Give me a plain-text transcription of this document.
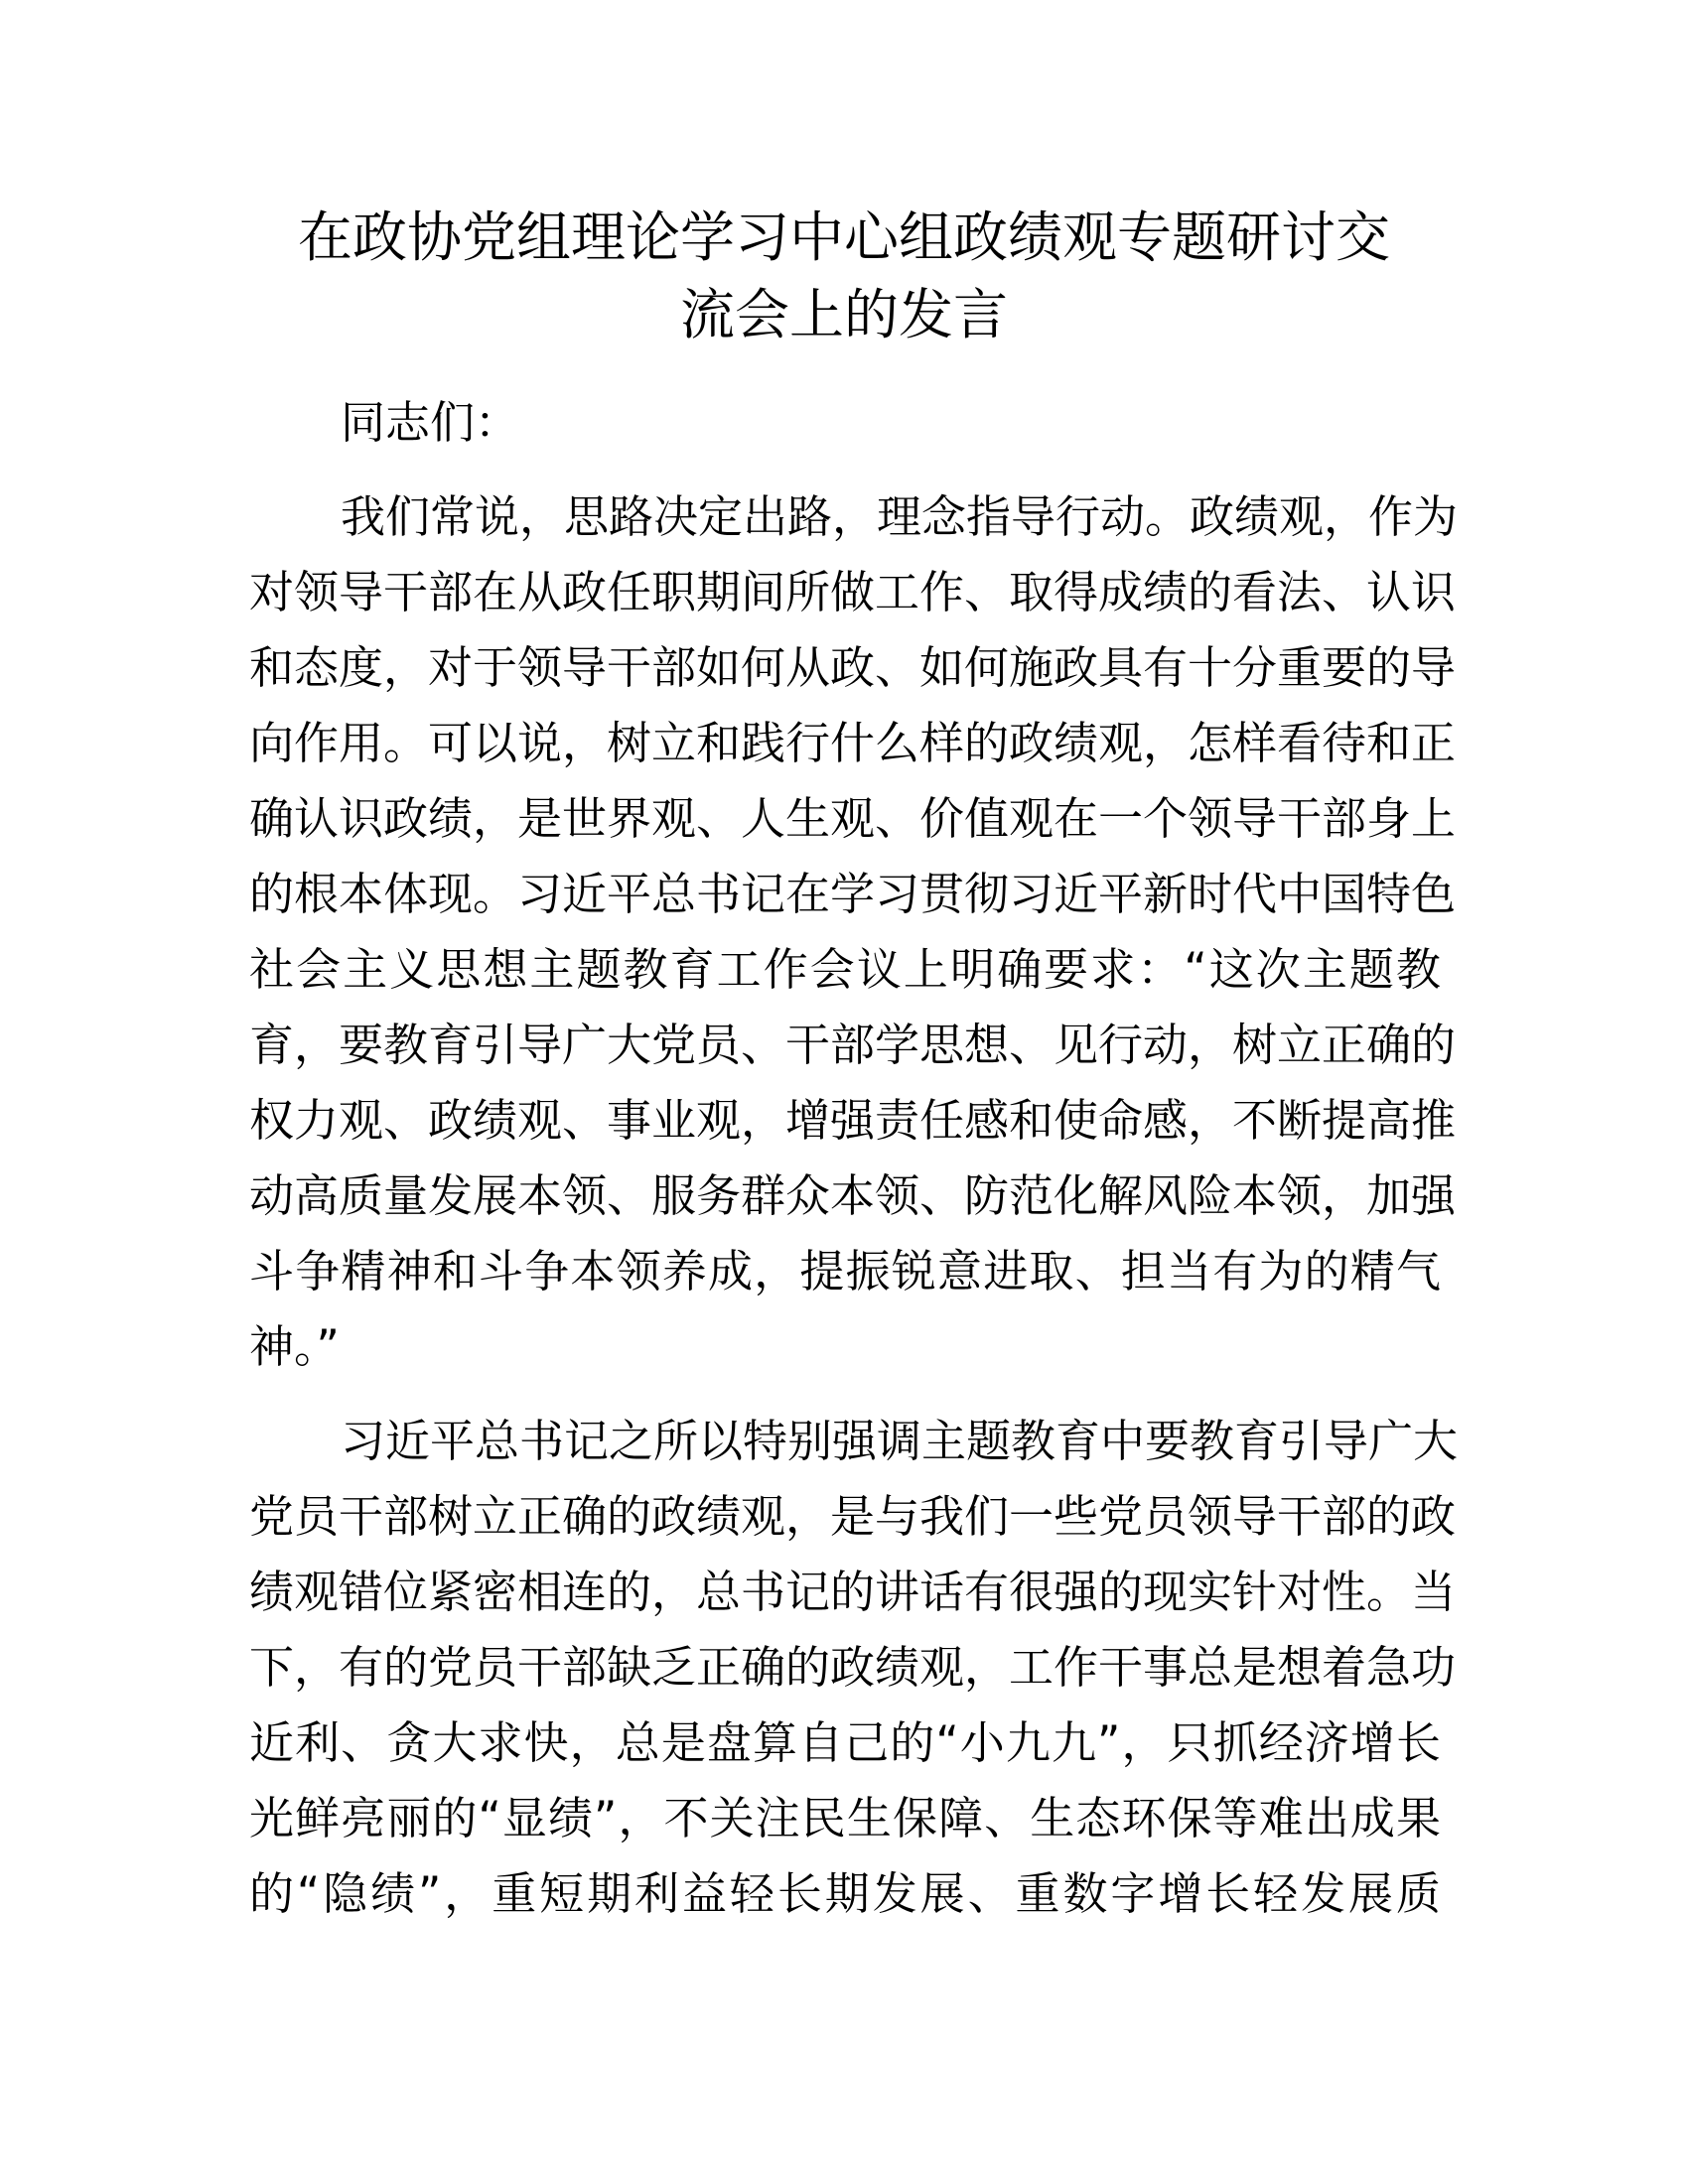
在政协党组理论学习中心组政绩观专题研讨交
流会上的发言

同志们：

我们常说，思路决定出路，理念指导行动。政绩观，作为
对领导干部在从政任职期间所做工作、取得成绩的看法、认识
和态度，对于领导干部如何从政、如何施政具有十分重要的导
向作用。可以说，树立和践行什么样的政绩观，怎样看待和正
确认识政绩，是世界观、人生观、价值观在一个领导干部身上
的根本体现。习近平总书记在学习贯彻习近平新时代中国特色
社会主义思想主题教育工作会议上明确要求：“这次主题教
育，要教育引导广大党员、干部学思想、见行动，树立正确的
权力观、政绩观、事业观，增强责任感和使命感，不断提高推
动高质量发展本领、服务群众本领、防范化解风险本领，加强
斗争精神和斗争本领养成，提振锐意进取、担当有为的精气
神。”

习近平总书记之所以特别强调主题教育中要教育引导广大
党员干部树立正确的政绩观，是与我们一些党员领导干部的政
绩观错位紧密相连的，总书记的讲话有很强的现实针对性。当
下，有的党员干部缺乏正确的政绩观，工作干事总是想着急功
近利、贪大求快，总是盘算自己的“小九九”，只抓经济增长
光鲜亮丽的“显绩”，不关注民生保障、生态环保等难出成果
的“隐绩”，重短期利益轻长期发展、重数字增长轻发展质
